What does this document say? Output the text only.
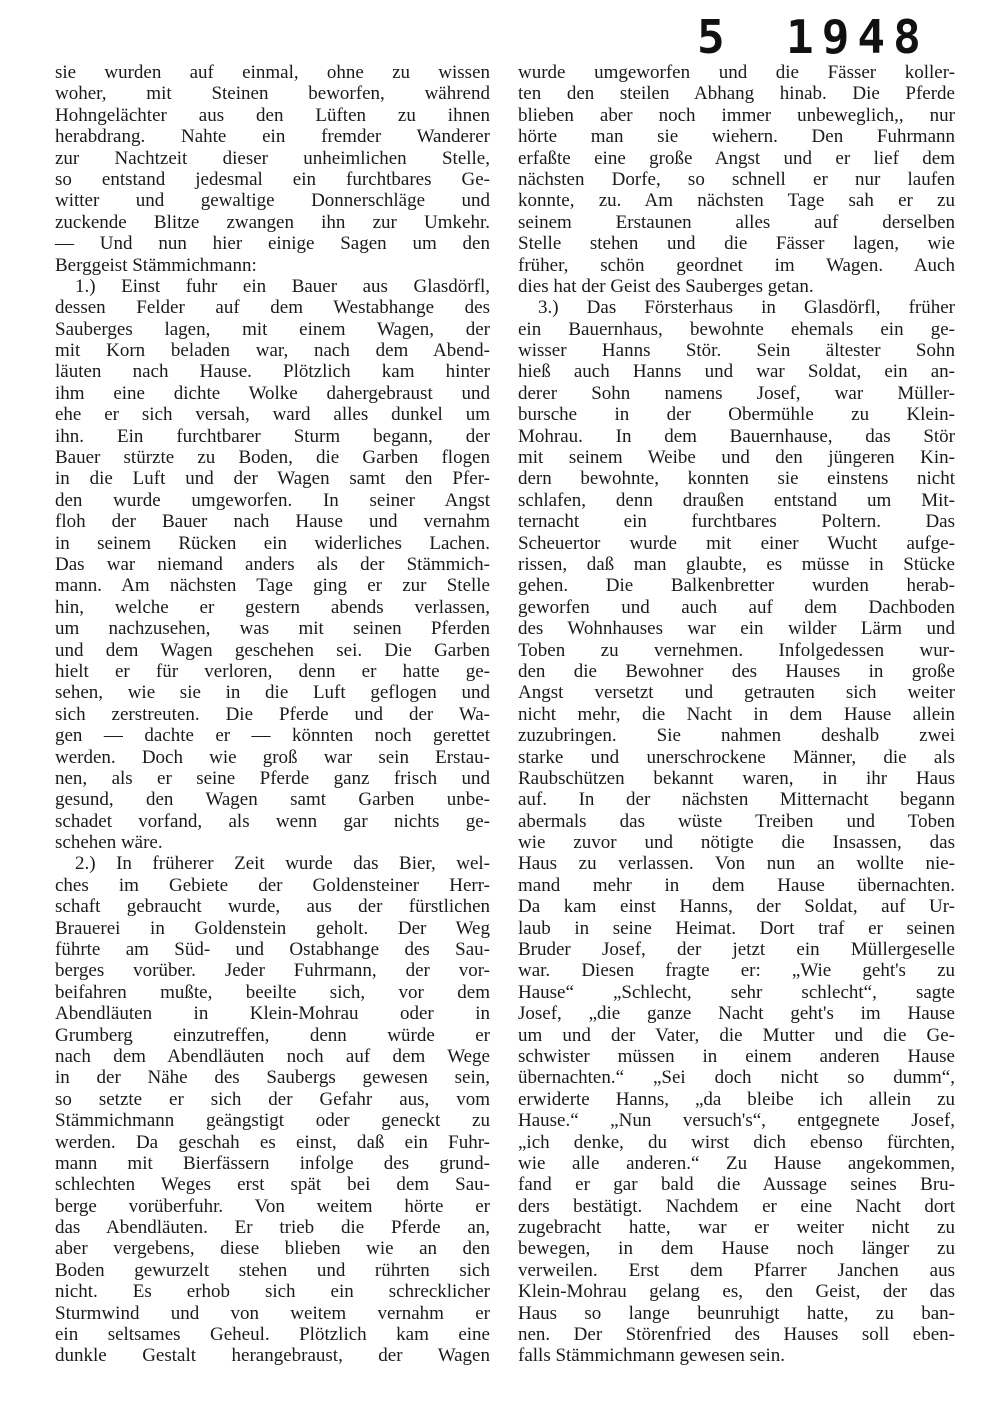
5 1948
sie wurden auf einmal, ohne zu wissen
woher, mit Steinen beworfen, während
Hohngelächter aus den Lüften zu ihnen
herabdrang. Nahte ein fremder Wanderer
zur Nachtzeit dieser unheimlichen Stelle,
so entstand jedesmal ein furchtbares Ge-
witter und gewaltige Donnerschläge und
zuckende Blitze zwangen ihn zur Umkehr.
— Und nun hier einige Sagen um den
Berggeist Stämmichmann:
1.) Einst fuhr ein Bauer aus Glasdörfl,
dessen Felder auf dem Westabhange des
Sauberges lagen, mit einem Wagen, der
mit Korn beladen war, nach dem Abend-
läuten nach Hause. Plötzlich kam hinter
ihm eine dichte Wolke dahergebraust und
ehe er sich versah, ward alles dunkel um
ihn. Ein furchtbarer Sturm begann, der
Bauer stürzte zu Boden, die Garben flogen
in die Luft und der Wagen samt den Pfer-
den wurde umgeworfen. In seiner Angst
floh der Bauer nach Hause und vernahm
in seinem Rücken ein widerliches Lachen.
Das war niemand anders als der Stämmich-
mann. Am nächsten Tage ging er zur Stelle
hin, welche er gestern abends verlassen,
um nachzusehen, was mit seinen Pferden
und dem Wagen geschehen sei. Die Garben
hielt er für verloren, denn er hatte ge-
sehen, wie sie in die Luft geflogen und
sich zerstreuten. Die Pferde und der Wa-
gen — dachte er — könnten noch gerettet
werden. Doch wie groß war sein Erstau-
nen, als er seine Pferde ganz frisch und
gesund, den Wagen samt Garben unbe-
schadet vorfand, als wenn gar nichts ge-
schehen wäre.
2.) In früherer Zeit wurde das Bier, wel-
ches im Gebiete der Goldensteiner Herr-
schaft gebraucht wurde, aus der fürstlichen
Brauerei in Goldenstein geholt. Der Weg
führte am Süd- und Ostabhange des Sau-
berges vorüber. Jeder Fuhrmann, der vor-
beifahren mußte, beeilte sich, vor dem
Abendläuten in Klein-Mohrau oder in
Grumberg einzutreffen, denn würde er
nach dem Abendläuten noch auf dem Wege
in der Nähe des Saubergs gewesen sein,
so setzte er sich der Gefahr aus, vom
Stämmichmann geängstigt oder geneckt zu
werden. Da geschah es einst, daß ein Fuhr-
mann mit Bierfässern infolge des grund-
schlechten Weges erst spät bei dem Sau-
berge vorüberfuhr. Von weitem hörte er
das Abendläuten. Er trieb die Pferde an,
aber vergebens, diese blieben wie an den
Boden gewurzelt stehen und rührten sich
nicht. Es erhob sich ein schrecklicher
Sturmwind und von weitem vernahm er
ein seltsames Geheul. Plötzlich kam eine
dunkle Gestalt herangebraust, der Wagen
wurde umgeworfen und die Fässer koller-
ten den steilen Abhang hinab. Die Pferde
blieben aber noch immer unbeweglich,, nur
hörte man sie wiehern. Den Fuhrmann
erfaßte eine große Angst und er lief dem
nächsten Dorfe, so schnell er nur laufen
konnte, zu. Am nächsten Tage sah er zu
seinem Erstaunen alles auf derselben
Stelle stehen und die Fässer lagen, wie
früher, schön geordnet im Wagen. Auch
dies hat der Geist des Sauberges getan.
3.) Das Försterhaus in Glasdörfl, früher
ein Bauernhaus, bewohnte ehemals ein ge-
wisser Hanns Stör. Sein ältester Sohn
hieß auch Hanns und war Soldat, ein an-
derer Sohn namens Josef, war Müller-
bursche in der Obermühle zu Klein-
Mohrau. In dem Bauernhause, das Stör
mit seinem Weibe und den jüngeren Kin-
dern bewohnte, konnten sie einstens nicht
schlafen, denn draußen entstand um Mit-
ternacht ein furchtbares Poltern. Das
Scheuertor wurde mit einer Wucht aufge-
rissen, daß man glaubte, es müsse in Stücke
gehen. Die Balkenbretter wurden herab-
geworfen und auch auf dem Dachboden
des Wohnhauses war ein wilder Lärm und
Toben zu vernehmen. Infolgedessen wur-
den die Bewohner des Hauses in große
Angst versetzt und getrauten sich weiter
nicht mehr, die Nacht in dem Hause allein
zuzubringen. Sie nahmen deshalb zwei
starke und unerschrockene Männer, die als
Raubschützen bekannt waren, in ihr Haus
auf. In der nächsten Mitternacht begann
abermals das wüste Treiben und Toben
wie zuvor und nötigte die Insassen, das
Haus zu verlassen. Von nun an wollte nie-
mand mehr in dem Hause übernachten.
Da kam einst Hanns, der Soldat, auf Ur-
laub in seine Heimat. Dort traf er seinen
Bruder Josef, der jetzt ein Müllergeselle
war. Diesen fragte er: „Wie geht's zu
Hause“ „Schlecht, sehr schlecht“, sagte
Josef, „die ganze Nacht geht's im Hause
um und der Vater, die Mutter und die Ge-
schwister müssen in einem anderen Hause
übernachten.“ „Sei doch nicht so dumm“,
erwiderte Hanns, „da bleibe ich allein zu
Hause.“ „Nun versuch's“, entgegnete Josef,
„ich denke, du wirst dich ebenso fürchten,
wie alle anderen.“ Zu Hause angekommen,
fand er gar bald die Aussage seines Bru-
ders bestätigt. Nachdem er eine Nacht dort
zugebracht hatte, war er weiter nicht zu
bewegen, in dem Hause noch länger zu
verweilen. Erst dem Pfarrer Janchen aus
Klein-Mohrau gelang es, den Geist, der das
Haus so lange beunruhigt hatte, zu ban-
nen. Der Störenfried des Hauses soll eben-
falls Stämmichmann gewesen sein.
